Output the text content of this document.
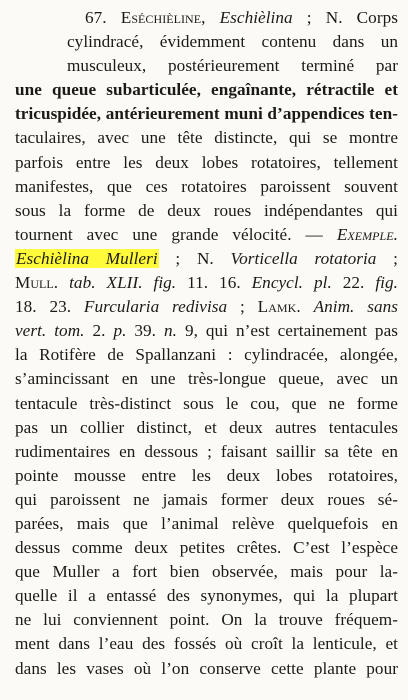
67. Eséchièline, Eschièlina ; N. Corps
cylindracé, évidemment contenu dans un
musculeux, postérieurement terminé par
une queue subarticulée, engaînante, rétractile et
tricuspidée, antérieurement muni d’appendices ten-
taculaires, avec une tête distincte, qui se montre
parfois entre les deux lobes rotatoires, tellement
manifestes, que ces rotatoires paroissent souvent
sous la forme de deux roues indépendantes qui
tournent avec une grande vélocité. — Exemple.
Eschièlina Mulleri ; N. Vorticella rotatoria ;
Mull. tab. XLII. fig. 11. 16. Encycl. pl. 22. fig.
18. 23. Furcularia redivisa ; Lamk. Anim. sans
vert. tom. 2. p. 39. n. 9, qui n’est certainement pas
la Rotifère de Spallanzani : cylindracée, alongée,
s’amincissant en une très-longue queue, avec un
tentacule très-distinct sous le cou, que ne forme
pas un collier distinct, et deux autres tentacules
rudimentaires en dessous ; faisant saillir sa tête en
pointe mousse entre les deux lobes rotatoires,
qui paroissent ne jamais former deux roues sé-
parées, mais que l’animal relève quelquefois en
dessus comme deux petites crêtes. C’est l’espèce
que Muller a fort bien observée, mais pour la-
quelle il a entassé des synonymes, qui la plupart
ne lui conviennent point. On la trouve fréquem-
ment dans l’eau des fossés où croît la lenticule, et
dans les vases où l’on conserve cette plante pour
